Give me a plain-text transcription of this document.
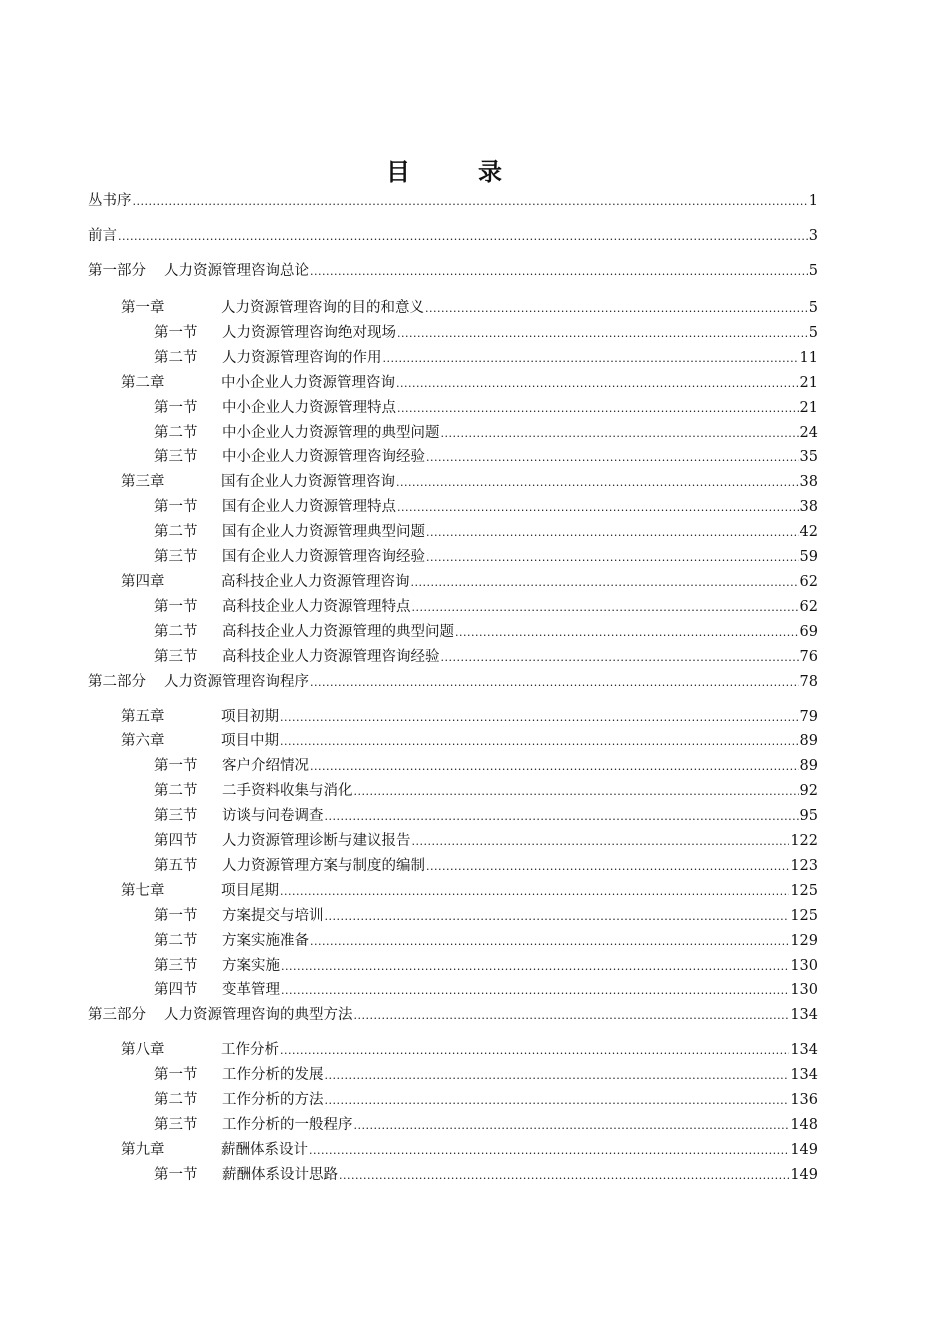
目　录
丛书序 .....	1
前言 .....	3
第一部分 人力资源管理咨询总论 .....	5
第一章	人力资源管理咨询的目的和意义 .....	5
第一节	人力资源管理咨询绝对现场 .....	5
第二节	人力资源管理咨询的作用 .....	11
第二章	中小企业人力资源管理咨询 .....	21
第一节	中小企业人力资源管理特点 .....	21
第二节	中小企业人力资源管理的典型问题 .....	24
第三节	中小企业人力资源管理咨询经验 .....	35
第三章	国有企业人力资源管理咨询 .....	38
第一节	国有企业人力资源管理特点 .....	38
第二节	国有企业人力资源管理典型问题 .....	42
第三节	国有企业人力资源管理咨询经验 .....	59
第四章	高科技企业人力资源管理咨询 .....	62
第一节	高科技企业人力资源管理特点 .....	62
第二节	高科技企业人力资源管理的典型问题 .....	69
第三节	高科技企业人力资源管理咨询经验 .....	76
第二部分 人力资源管理咨询程序 .....	78
第五章	项目初期 .....	79
第六章	项目中期 .....	89
第一节	客户介绍情况 .....	89
第二节	二手资料收集与消化 .....	92
第三节	访谈与问卷调查 .....	95
第四节	人力资源管理诊断与建议报告 .....	122
第五节	人力资源管理方案与制度的编制 .....	123
第七章	项目尾期 .....	125
第一节	方案提交与培训 .....	125
第二节	方案实施准备 .....	129
第三节	方案实施 .....	130
第四节	变革管理 .....	130
第三部分 人力资源管理咨询的典型方法 .....	134
第八章	工作分析 .....	134
第一节	工作分析的发展 .....	134
第二节	工作分析的方法 .....	136
第三节	工作分析的一般程序 .....	148
第九章	薪酬体系设计 .....	149
第一节	薪酬体系设计思路 .....	149
